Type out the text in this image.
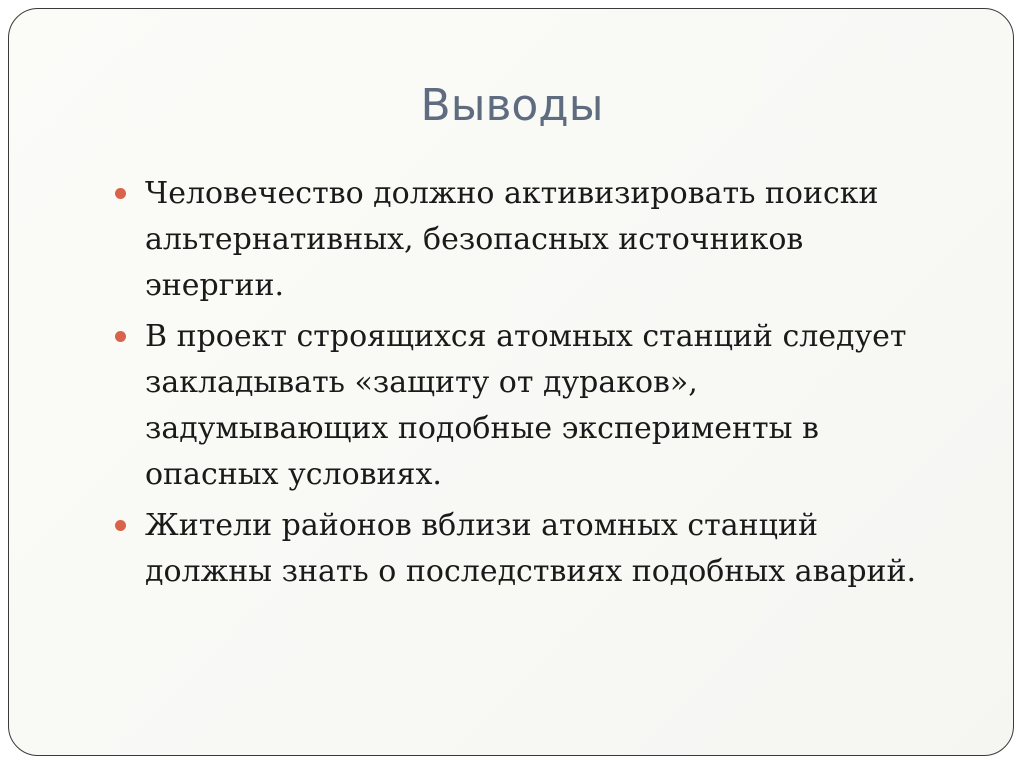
Выводы
Человечество должно активизировать поиски альтернативных, безопасных источников энергии.
В проект строящихся атомных станций следует закладывать «защиту от дураков», задумывающих подобные эксперименты в опасных условиях.
Жители районов вблизи атомных станций должны знать о последствиях подобных аварий.
